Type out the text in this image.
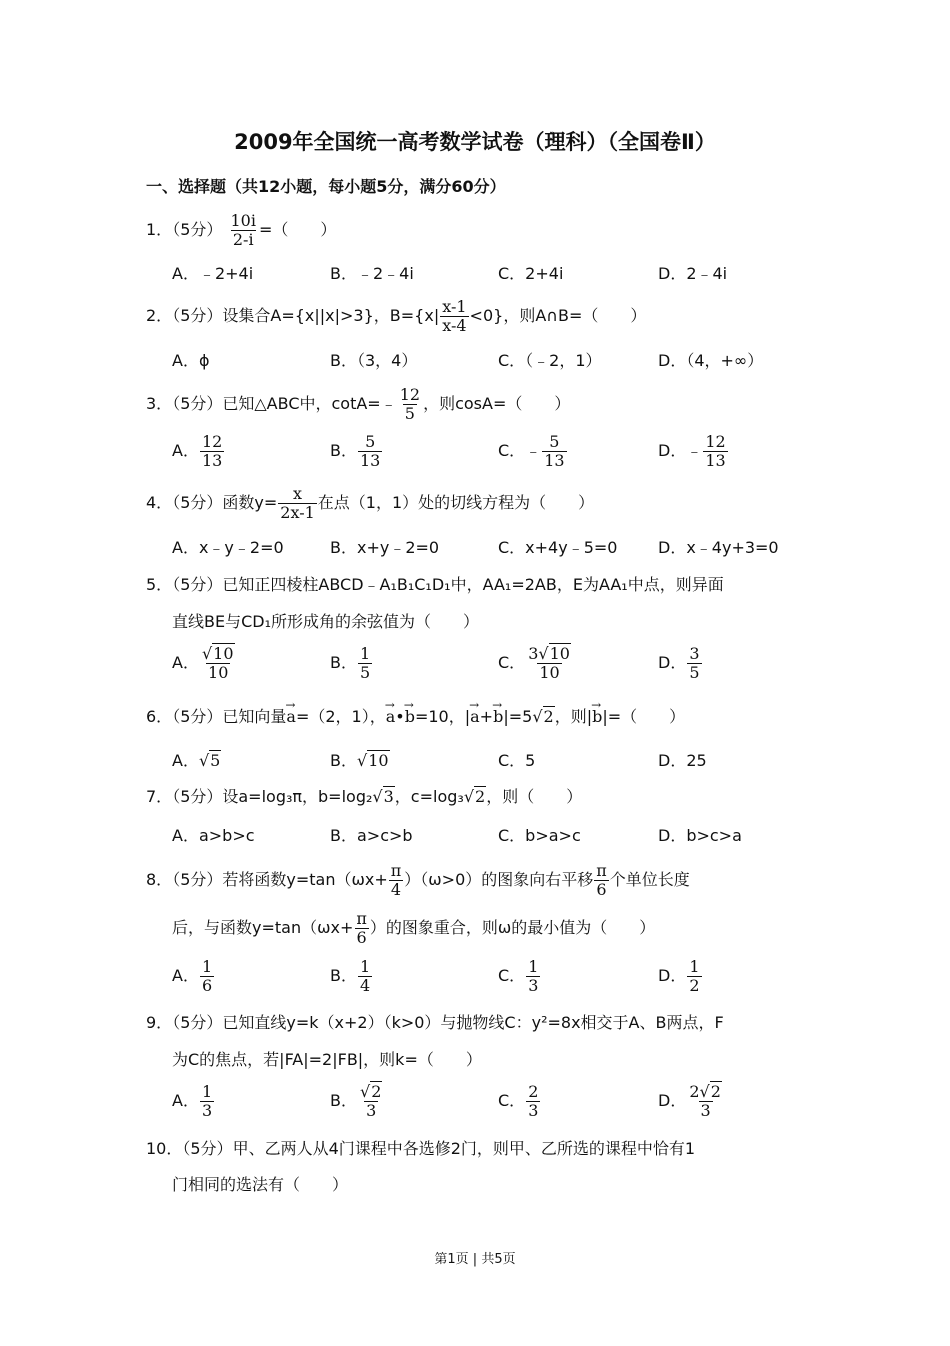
2009年全国统一高考数学试卷（理科）（全国卷Ⅱ）
一、选择题（共12小题，每小题5分，满分60分）
1．（5分） $\frac{10i}{2-i}$ =（　　）
A．﹣2+4i	B．﹣2﹣4i	C．2+4i	D．2﹣4i
2．（5分）设集合A={x||x|>3}，$B=\{x| \frac{x-1}{x-4} <0\}$，则A∩B=（　　）
A．ϕ	B．（3，4）	C．（﹣2，1）	D．（4，+∞）
3．（5分）已知△ABC中，cotA=﹣ $\frac{12}{5}$ ，则cosA=（　　）
A． $\frac{12}{13}$	B． $\frac{5}{13}$	C．﹣ $\frac{5}{13}$	D．﹣ $\frac{12}{13}$
4．（5分）函数$y= \frac{x}{2x-1}$ 在点（1，1）处的切线方程为（　　）
A．x﹣y﹣2=0	B．x+y﹣2=0	C．x+4y﹣5=0	D．x﹣4y+3=0
5．（5分）已知正四棱柱ABCD﹣A₁B₁C₁D₁中，AA₁=2AB，E为AA₁中点，则异面
直线BE与CD₁所形成角的余弦值为（　　）
A． $\frac{√10}{10}$	B． $\frac{1}{5}$	C． $\frac{3√10}{10}$	D． $\frac{3}{5}$
6．（5分）已知向量→ a=（2，1），→ a•→ b=10，|→ a+→ b|=5√2，则|→ b|=（　　）
A．√5	B．√10	C．5	D．25
7．（5分）设a=log₃π，b=log₂√3，c=log₃√2，则（　　）
A．a>b>c	B．a>c>b	C．b>a>c	D．b>c>a
8．（5分）若将函数$y=\tan(\omega x+ \frac{\pi}{4} )(\omega>0)$的图象向右平移 $\frac{\pi}{6}$ 个单位长度
后，与函数$y=\tan(\omega x+ \frac{\pi}{6}$ ）的图象重合，则ω的最小值为（　　）
A． $\frac{1}{6}$	B． $\frac{1}{4}$	C． $\frac{1}{3}$	D． $\frac{1}{2}$
9．（5分）已知直线y=k（x+2）（k>0）与抛物线C：y²=8x相交于A、B两点，F
为C的焦点，若|FA|=2|FB|，则k=（　　）
A． $\frac{1}{3}$	B． $\frac{√2}{3}$	C． $\frac{2}{3}$	D． $\frac{2√2}{3}$
10．（5分）甲、乙两人从4门课程中各选修2门，则甲、乙所选的课程中恰有1
门相同的选法有（　　）
第1页 | 共5页
